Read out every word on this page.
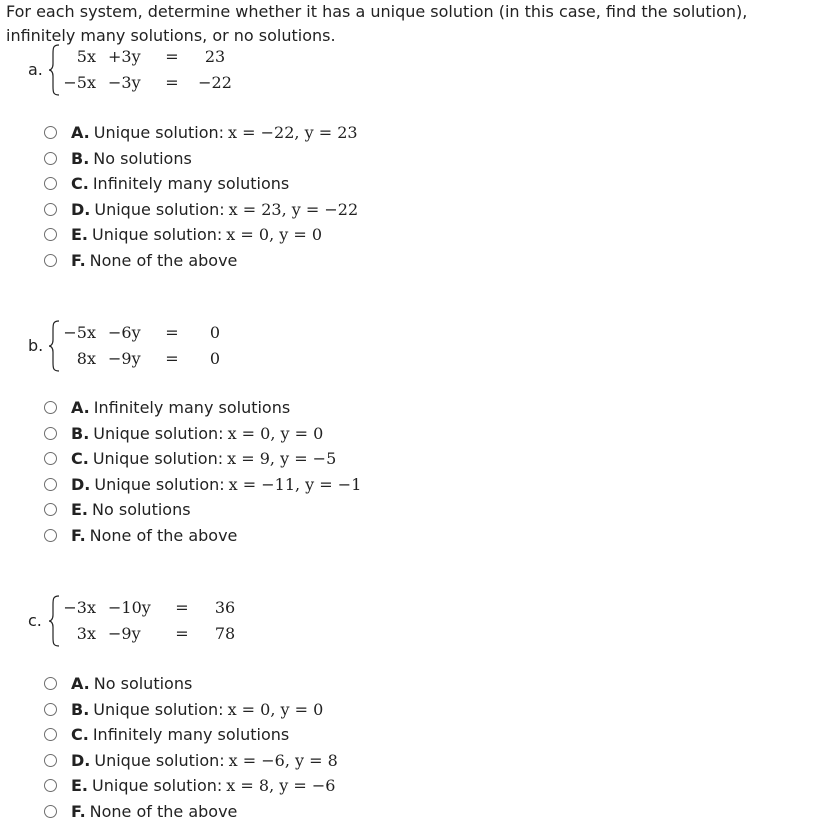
For each system, determine whether it has a unique solution (in this case, find the solution), infinitely many solutions, or no solutions.

a.
5x	+3y	=	23
−5x	−3y	=	−22
A. Unique solution: x = −22, y = 23
B. No solutions
C. Infinitely many solutions
D. Unique solution: x = 23, y = −22
E. Unique solution: x = 0, y = 0
F. None of the above
b.
−5x	−6y	=	0
8x	−9y	=	0
A. Infinitely many solutions
B. Unique solution: x = 0, y = 0
C. Unique solution: x = 9, y = −5
D. Unique solution: x = −11, y = −1
E. No solutions
F. None of the above
c.
−3x	−10y	=	36
3x	−9y	=	78
A. No solutions
B. Unique solution: x = 0, y = 0
C. Infinitely many solutions
D. Unique solution: x = −6, y = 8
E. Unique solution: x = 8, y = −6
F. None of the above
